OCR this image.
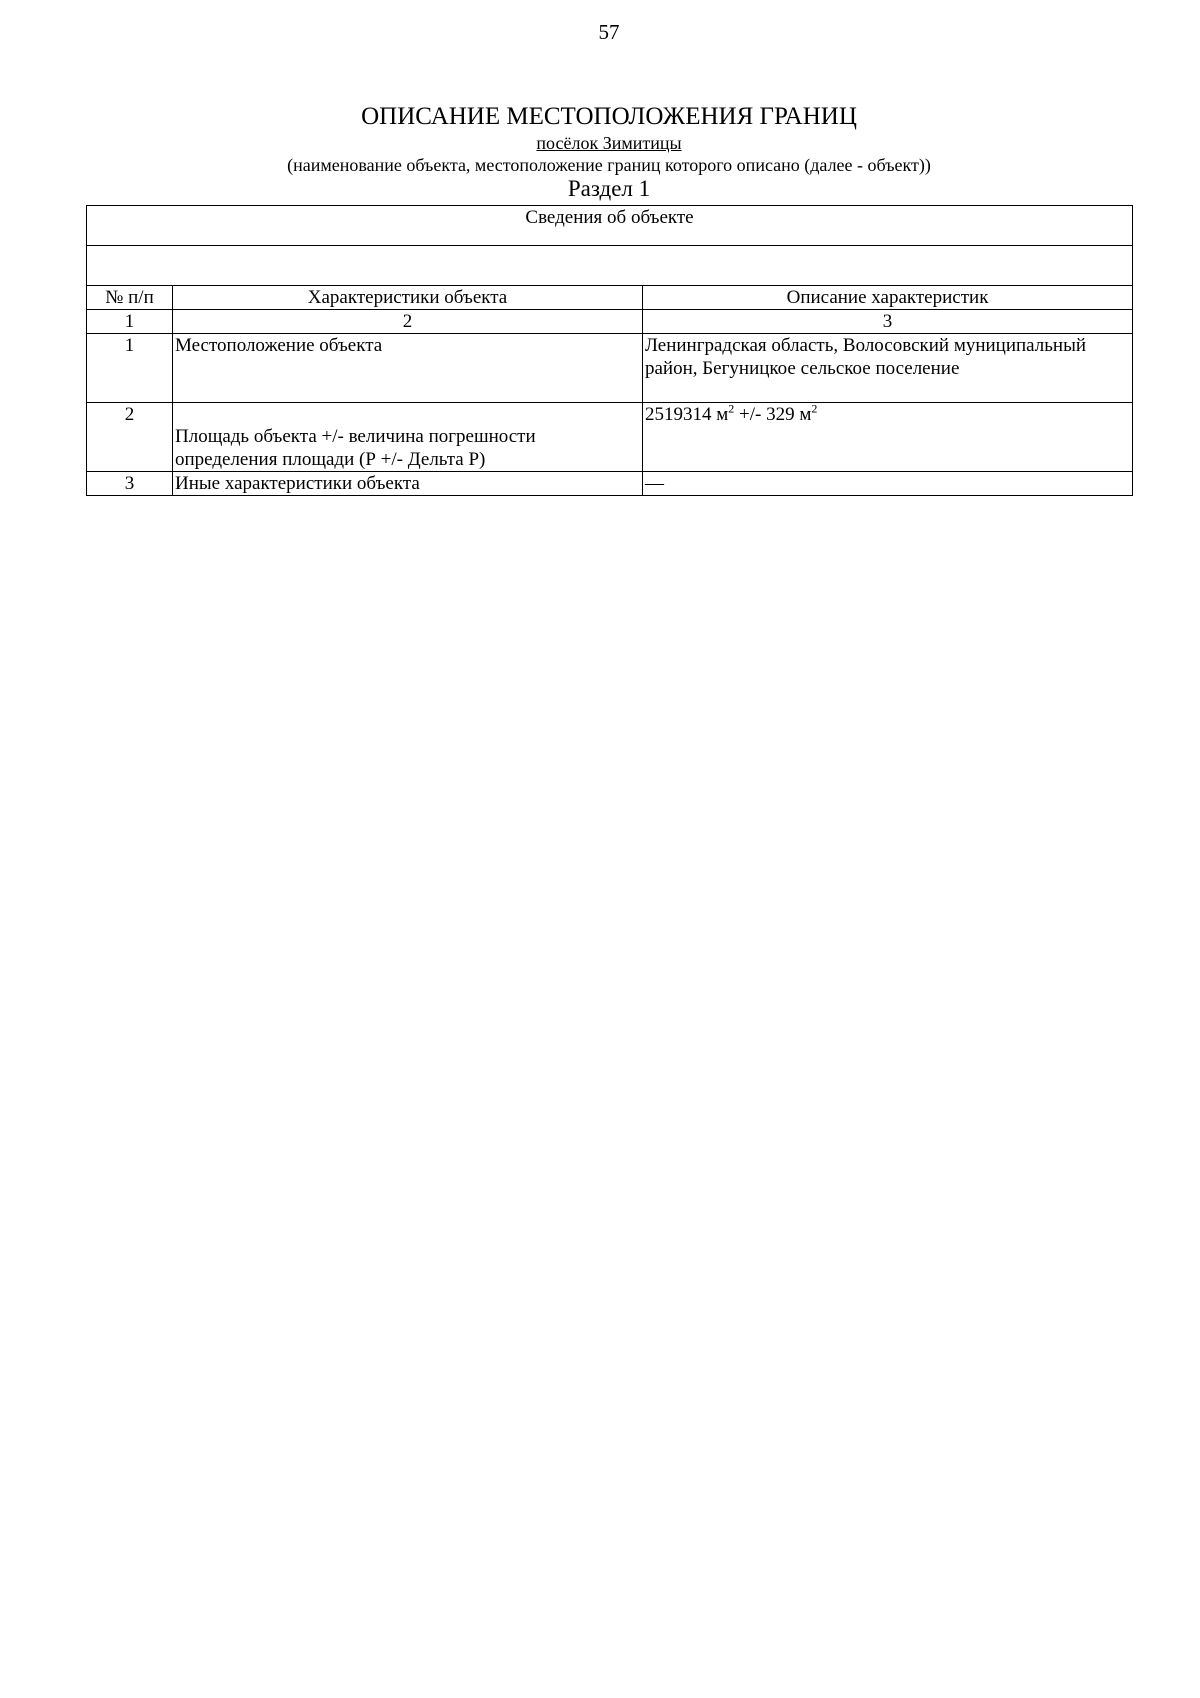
57
ОПИСАНИЕ МЕСТОПОЛОЖЕНИЯ ГРАНИЦ
посёлок Зимитицы
(наименование объекта, местоположение границ которого описано (далее - объект))
Раздел 1
Сведения об объекте		

№ п/п	Характеристики объекта	Описание характеристик
1	2	3
1	Местоположение объекта	Ленинградская область, Волосовский муниципальный район, Бегуницкое сельское поселение
2	Площадь объекта +/- величина погрешности определения площади (Р +/- Дельта Р)	2519314 $м^2$ +/- 329 $м^2$
3	Иные характеристики объекта	—
